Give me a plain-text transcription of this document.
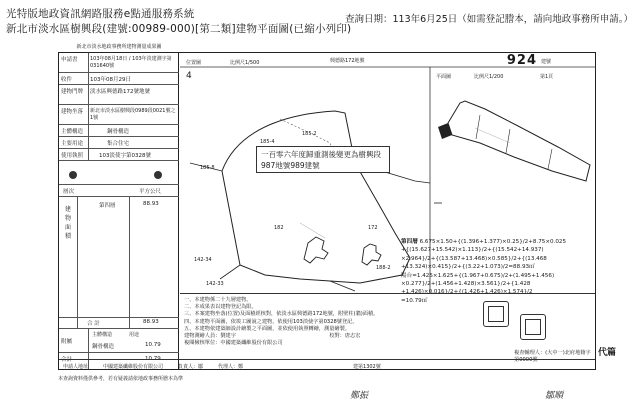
光特版地政資訊網路服務e點通服務系統
新北市淡水區樹興段(建號:00989-000)[第二類]建物平面圖(已縮小列印)
查詢日期：113年6月25日（如需登記謄本，請向地政事務所申請。）
新北市淡水地政事務所建物測量成果圖
申請書	103年08月18日 / 103年淡建測字第031640號
收件	103年08月29日
建物門牌	淡水區興德路172號地號
建物坐落	新北市淡水區樹興段0989段0021號之1號
主體構造	鋼骨構造
主要用途	集合住宅
使用執照	103淡使字第0328號
層次	平方公尺
建物面積
第四層	88.93
合 計	88.93
附屬
主體構造	用途
鋼骨構造	10.79
合計	10.79
位置圖	比例尺1/500	興德路172地號	924 建號
平面圖	比例尺1/200	第1頁
4
185-8
185-4
185-2
182	172
188-2
142-34
142-33
一百零六年度歸重測後變更為樹興段987地號989建號
第四層 6.675×1.50+{(1.396+1.377)×0.25}/2+8.75×0.025
+{(15.627+15.542)×1.113}/2+{(15.542+14.937)
×2.964}/2+{(13.587+13.468)×0.585}/2+{(13.468
+13.324)×0.415}/2+{(3.22+1.073)/2=88.93㎡
陽台=1.425×1.625+{(1.967+0.675)/2+(1.495+1.456)
×0.277}/2+(1.456+1.428)×3.561}/2+{1.428
+1.426)×0.016}/2+{(1.426+1.426)×1.574}/2
=10.79㎡
一、本建物係二十九層建物。
二、本成果表以建物登記為限。
三、本案建物坐落(位置)及面積經核對，依淡水區興德路172地號，附壁柱(牆)面積。
四、本建物平面圖，依竣工圖說之建物，依使用103淡使字第0328號登記。
五、本建物依建築師設計繪製之平面圖，並依使用執照轉繪，測量繪製。
建物測繪人員：劉建宇　　　　　　　　　　　　　　　　　　校對：唐志宏
複閱檢核單位：中國建築纖維股份有限公司
複查輔理人：(大中一)北府地籍字第0000號
申請人地址　　　中國建築纖維股份有限公司　　　負責人：鄒　　　代理人：鄭　　　　　　　　　　　　　　　　　　　　　　建第1302號
本查詢資料僅供參考，若有疑義請依地政事務所謄本為準
鄭振	鄒順
代篇
